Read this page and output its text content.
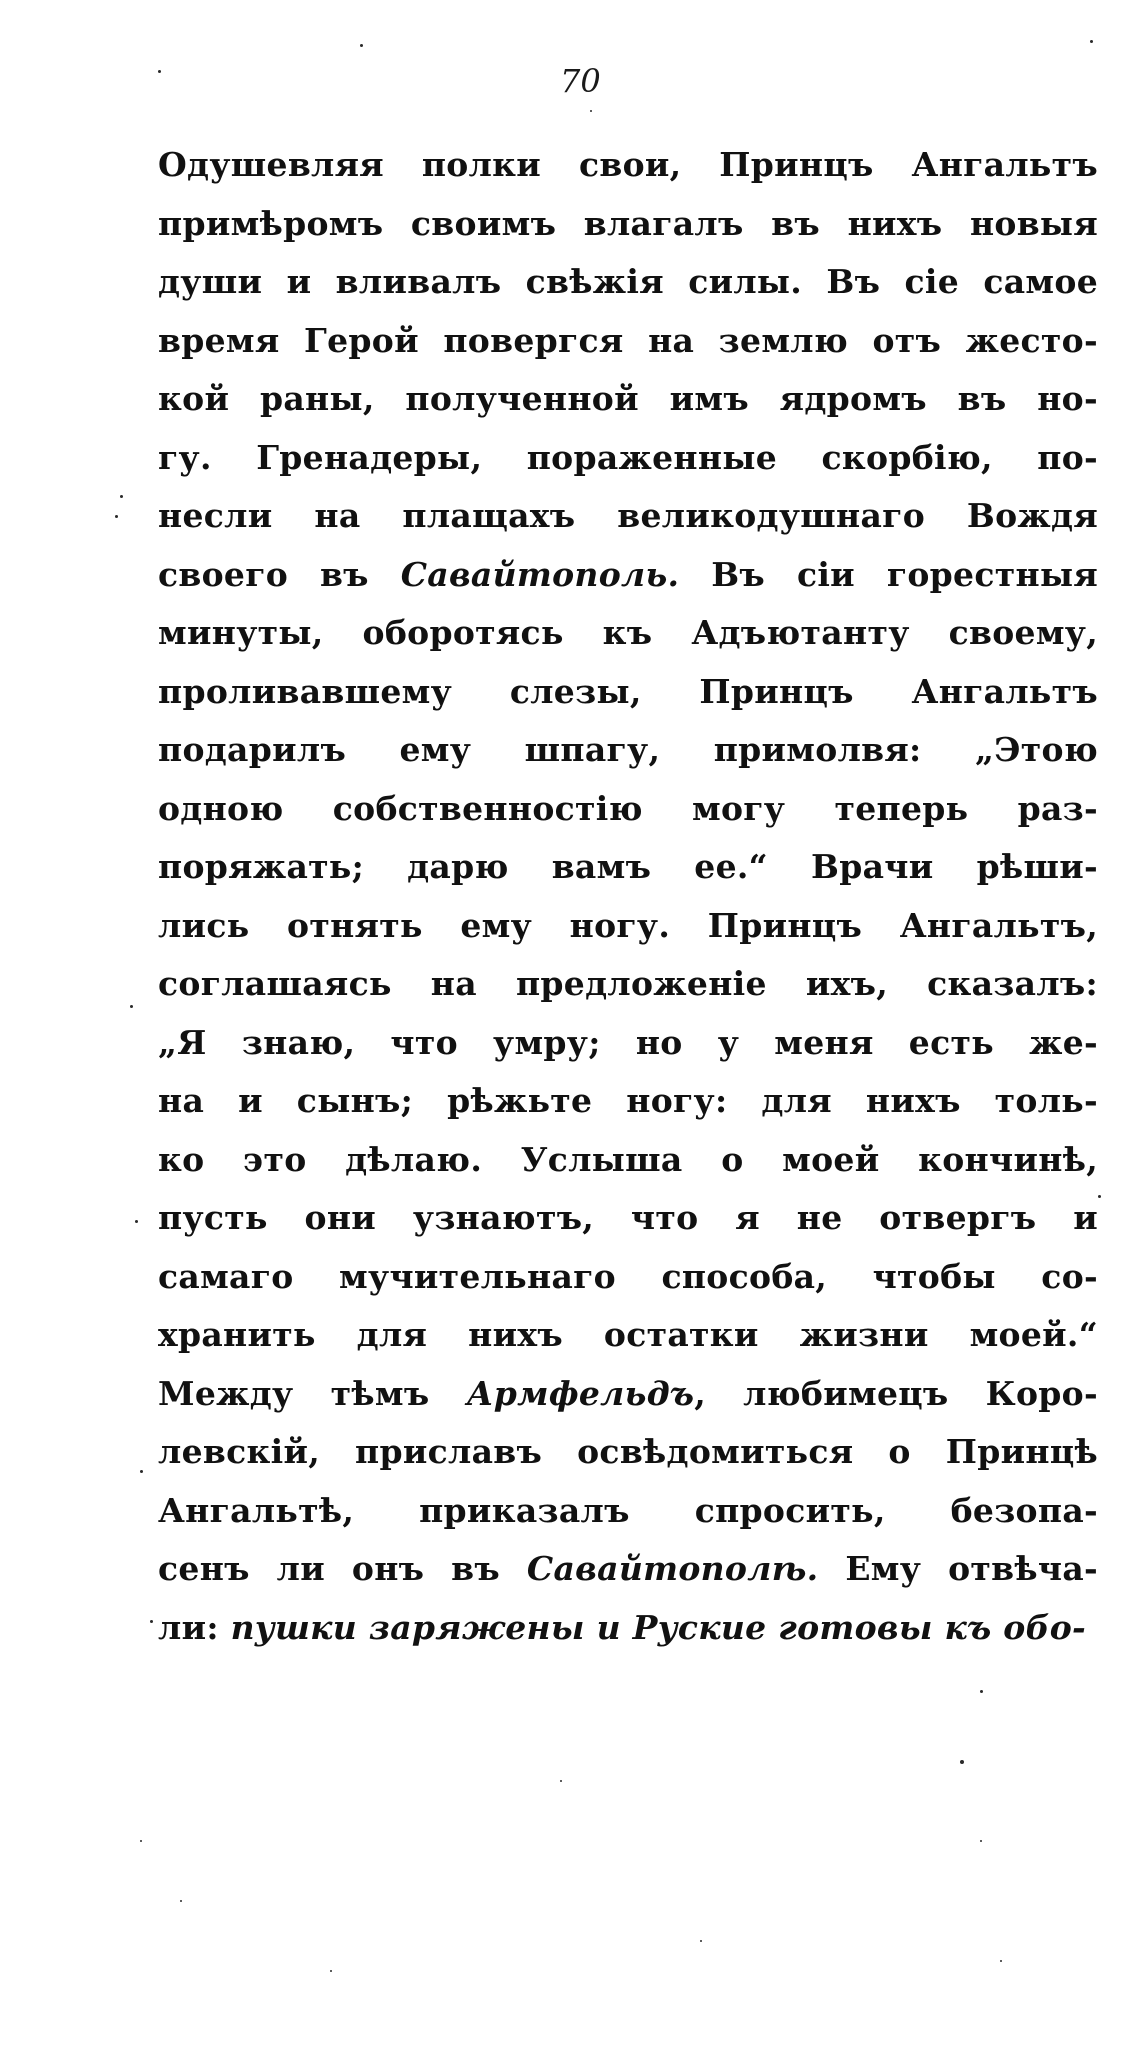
70
Одушевляя полки свои, Принцъ Ангальтъ
примѣромъ своимъ влагалъ въ нихъ новыя
души и вливалъ свѣжія силы. Въ сіе самое
время Герой повергся на землю отъ жесто-
кой раны, полученной имъ ядромъ въ но-
гу. Гренадеры, пораженные скорбію, по-
несли на плащахъ великодушнаго Вождя
своего въ Савайтополь. Въ сіи горестныя
минуты, оборотясь къ Адъютанту своему,
проливавшему слезы, Принцъ Ангальтъ
подарилъ ему шпагу, примолвя: „Этою
одною собственностію могу теперь раз-
поряжать; дарю вамъ ее.“ Врачи рѣши-
лись отнять ему ногу. Принцъ Ангальтъ,
соглашаясь на предложеніе ихъ, сказалъ:
„Я знаю, что умру; но у меня есть же-
на и сынъ; рѣжьте ногу: для нихъ толь-
ко это дѣлаю. Услыша о моей кончинѣ,
пусть они узнаютъ, что я не отвергъ и
самаго мучительнаго способа, чтобы со-
хранить для нихъ остатки жизни моей.“
Между тѣмъ Армфельдъ, любимецъ Коро-
левскій, приславъ освѣдомиться о Принцѣ
Ангальтѣ, приказалъ спросить, безопа-
сенъ ли онъ въ Савайтополѣ. Ему отвѣча-
ли: пушки заряжены и Руские готовы къ обо-
